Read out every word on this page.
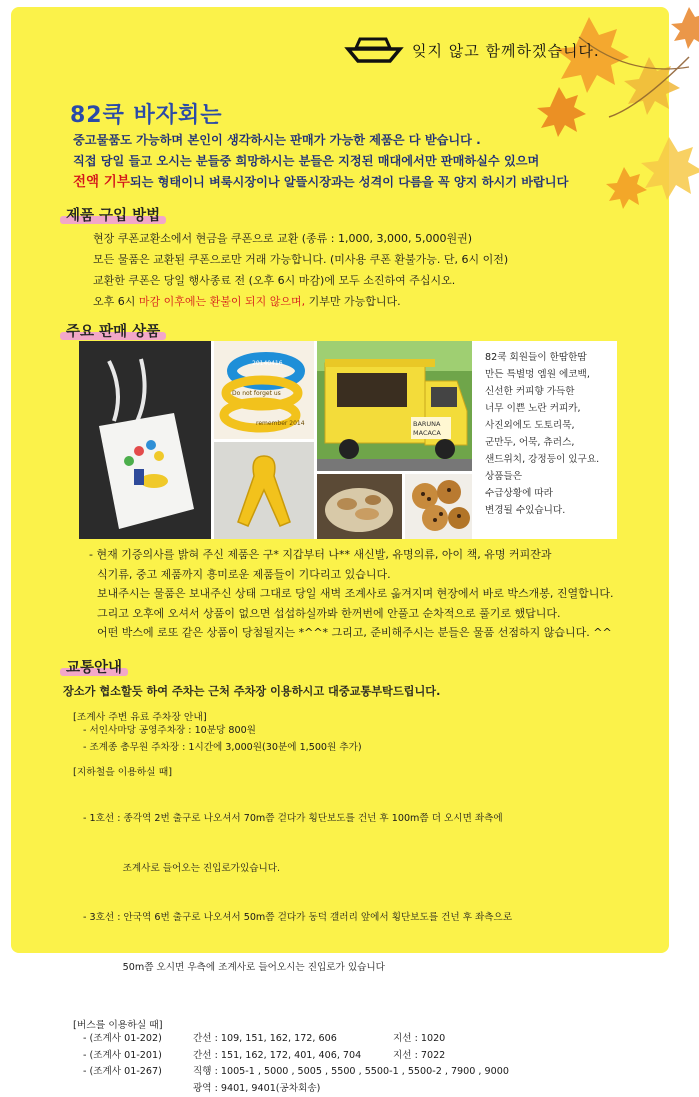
잊지 않고 함께하겠습니다.
82쿡 바자회는
중고물품도 가능하며 본인이 생각하시는 판매가 가능한 제품은 다 받습니다 .
직접 당일 들고 오시는 분들중 희망하시는 분들은 지정된 매대에서만 판매하실수 있으며
전액 기부되는 형태이니 벼룩시장이나 알뜰시장과는 성격이 다름을 꼭 양지 하시기 바랍니다
제품 구입 방법
현장 쿠폰교환소에서 현금을 쿠폰으로 교환 (종류 : 1,000, 3,000, 5,000원권)
모든 물품은 교환된 쿠폰으로만 거래 가능합니다. (미사용 쿠폰 환불가능. 단, 6시 이전)
교환한 쿠폰은 당일 행사종료 전 (오후 6시 마감)에 모두 소진하여 주십시오.
오후 6시 마감 이후에는 환불이 되지 않으며, 기부만 가능합니다.
주요 판매 상품
20140416
Do not forget us
remember 2014	BARUNA
MACACA
82쿡 회원들이 한땀한땀
만든 특별멍 엠원 에코백,
신선한 커피향 가득한
너무 이쁜 노란 커피카,
사진외에도 도토리묵,
군만두, 어묵, 츄러스,
샌드위치, 강정등이 있구요.
상품들은
수급상황에 따라
변경될 수있습니다.
- 현재 기증의사를 밝혀 주신 제품은 구* 지갑부터 나** 새신발, 유명의류, 아이 책, 유명 커피잔과
식기류, 중고 제품까지 흥미로운 제품들이 기다리고 있습니다.
보내주시는 물품은 보내주신 상태 그대로 당일 새벽 조계사로 옮겨지며 현장에서 바로 박스개봉, 진열합니다.
그리고 오후에 오셔서 상품이 없으면 섭섭하실까봐 한꺼번에 안풀고 순차적으로 풀기로 했답니다.
어떤 박스에 로또 같은 상품이 당첨될지는 *^^* 그리고, 준비해주시는 분들은 물품 선점하지 않습니다. ^^
교통안내
장소가 협소할듯 하여 주차는 근처 주차장 이용하시고 대중교통부탁드립니다.
[조계사 주변 유료 주차장 안내]
- 서인사마당 공영주차장 : 10분당 800원
- 조계종 총무원 주차장 : 1시간에 3,000원(30분에 1,500원 추가)
[지하철을 이용하실 때]

- 1호선 : 종각역 2번 출구로 나오셔서 70m쯤 걷다가 횡단보도를 건넌 후 100m쯤 더 오시면 좌측에

조계사로 들어오는 진입로가있습니다.

- 3호선 : 안국역 6번 출구로 나오셔서 50m쯤 걷다가 동덕 갤러리 앞에서 횡단보도를 건넌 후 좌측으로

50m쯤 오시면 우측에 조계사로 들어오시는 진입로가 있습니다

[버스를 이용하실 때]
- (조계사 01-202)	간선 : 109, 151, 162, 172, 606	지선 : 1020
- (조계사 01-201)	간선 : 151, 162, 172, 401, 406, 704	지선 : 7022
- (조계사 01-267)	직행 : 1005-1 , 5000 , 5005 , 5500 , 5500-1 , 5500-2 , 7900 , 9000
광역 : 9401, 9401(공차회송)
